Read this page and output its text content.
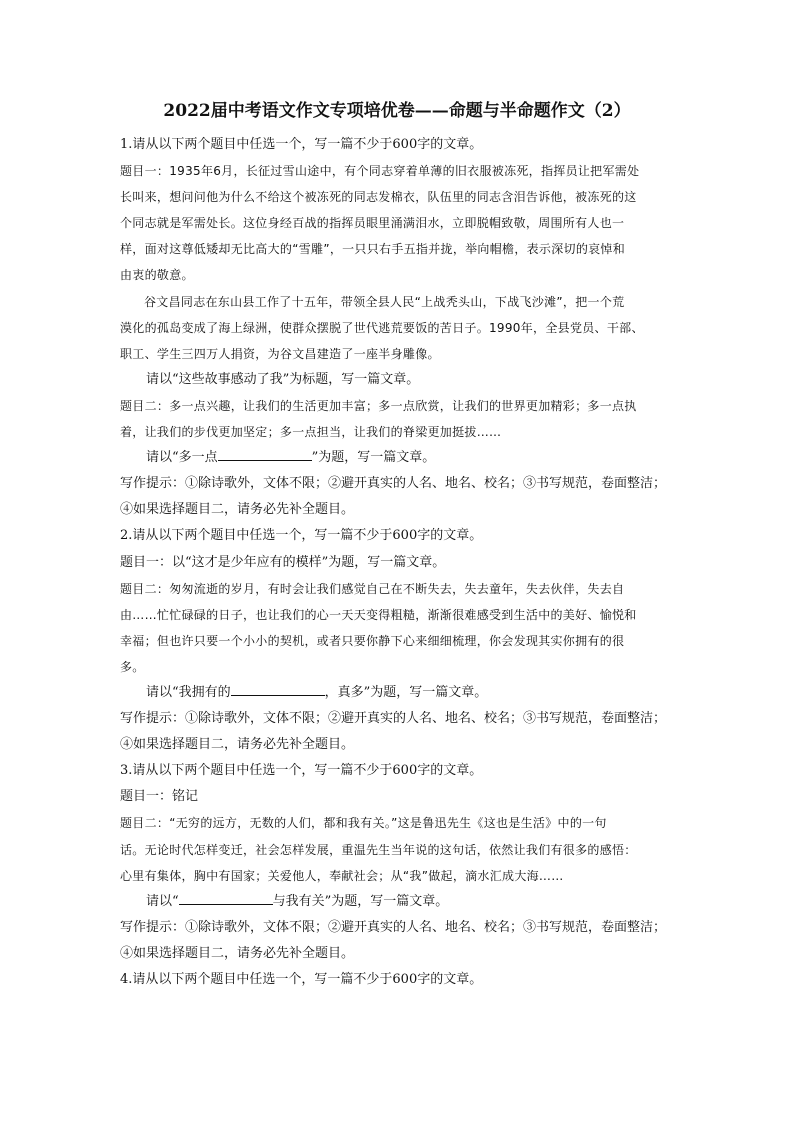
2022届中考语文作文专项培优卷——命题与半命题作文（2）

1.请从以下两个题目中任选一个，写一篇不少于600字的文章。

题目一：1935年6月，长征过雪山途中，有个同志穿着单薄的旧衣服被冻死，指挥员让把军需处

长叫来，想问问他为什么不给这个被冻死的同志发棉衣，队伍里的同志含泪告诉他，被冻死的这

个同志就是军需处长。这位身经百战的指挥员眼里涌满泪水，立即脱帽致敬，周围所有人也一

样，面对这尊低矮却无比高大的“雪雕”，一只只右手五指并拢，举向帽檐，表示深切的哀悼和

由衷的敬意。

谷文昌同志在东山县工作了十五年，带领全县人民“上战秃头山，下战飞沙滩”，把一个荒

漠化的孤岛变成了海上绿洲，使群众摆脱了世代逃荒要饭的苦日子。1990年，全县党员、干部、

职工、学生三四万人捐资，为谷文昌建造了一座半身雕像。

请以“这些故事感动了我”为标题，写一篇文章。

题目二：多一点兴趣，让我们的生活更加丰富；多一点欣赏，让我们的世界更加精彩；多一点执

着，让我们的步伐更加坚定；多一点担当，让我们的脊梁更加挺拔……

请以“多一点	”为题，写一篇文章。

写作提示：①除诗歌外，文体不限；②避开真实的人名、地名、校名；③书写规范，卷面整洁；

④如果选择题目二，请务必先补全题目。

2.请从以下两个题目中任选一个，写一篇不少于600字的文章。

题目一：以“这才是少年应有的模样”为题，写一篇文章。

题目二：匆匆流逝的岁月，有时会让我们感觉自己在不断失去，失去童年，失去伙伴，失去自

由……忙忙碌碌的日子，也让我们的心一天天变得粗糙，渐渐很难感受到生活中的美好、愉悦和

幸福；但也许只要一个小小的契机，或者只要你静下心来细细梳理，你会发现其实你拥有的很

多。

请以“我拥有的	，真多”为题，写一篇文章。

写作提示：①除诗歌外，文体不限；②避开真实的人名、地名、校名；③书写规范，卷面整洁；

④如果选择题目二，请务必先补全题目。

3.请从以下两个题目中任选一个，写一篇不少于600字的文章。

题目一：铭记

题目二：“无穷的远方，无数的人们，都和我有关。”这是鲁迅先生《这也是生活》中的一句

话。无论时代怎样变迁，社会怎样发展，重温先生当年说的这句话，依然让我们有很多的感悟：

心里有集体，胸中有国家；关爱他人，奉献社会；从“我”做起，滴水汇成大海……

请以“	与我有关”为题，写一篇文章。

写作提示：①除诗歌外，文体不限；②避开真实的人名、地名、校名；③书写规范，卷面整洁；

④如果选择题目二，请务必先补全题目。

4.请从以下两个题目中任选一个，写一篇不少于600字的文章。
